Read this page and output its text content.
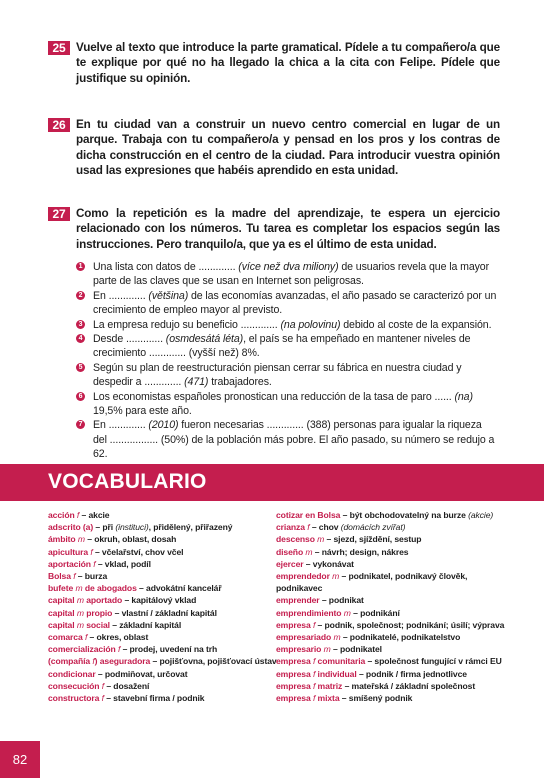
25 Vuelve al texto que introduce la parte gramatical. Pídele a tu compañero/a que te explique por qué no ha llegado la chica a la cita con Felipe. Pídele que justifique su opinión.
26 En tu ciudad van a construir un nuevo centro comercial en lugar de un parque. Trabaja con tu compañero/a y pensad en los pros y los contras de dicha construcción en el centro de la ciudad. Para introducir vuestra opinión usad las expresiones que habéis aprendido en esta unidad.
27 Como la repetición es la madre del aprendizaje, te espera un ejercicio relacionado con los números. Tu tarea es completar los espacios según las instrucciones. Pero tranquilo/a, que ya es el último de esta unidad.
1 Una lista con datos de ............. (více než dva miliony) de usuarios revela que la mayor parte de las claves que se usan en Internet son peligrosas.
2 En ............. (většina) de las economías avanzadas, el año pasado se caracterizó por un crecimiento de empleo mayor al previsto.
3 La empresa redujo su beneficio ............. (na polovinu) debido al coste de la expansión.
4 Desde ............. (osmdesátá léta), el país se ha empeñado en mantener niveles de crecimiento ............. (vyšší než) 8%.
5 Según su plan de reestructuración piensan cerrar su fábrica en nuestra ciudad y despedir a ............. (471) trabajadores.
6 Los economistas españoles pronostican una reducción de la tasa de paro ...... (na) 19,5% para este año.
7 En ............. (2010) fueron necesarias ............. (388) personas para igualar la riqueza del ................. (50%) de la población más pobre. El año pasado, su número se redujo a 62.
VOCABULARIO
acción f – akcie
adscrito (a) – při (instituci), přidělený, přiřazený
ámbito m – okruh, oblast, dosah
apicultura f – včelařství, chov včel
aportación f – vklad, podíl
Bolsa f – burza
bufete m de abogados – advokátní kancelář
capital m aportado – kapitálový vklad
capital m propio – vlastní / základní kapitál
capital m social – základní kapitál
comarca f – okres, oblast
comercialización f – prodej, uvedení na trh
(compañía f) aseguradora – pojišťovna, pojišťovací ústav
condicionar – podmiňovat, určovat
consecución f – dosažení
constructora f – stavební firma / podnik
cotizar en Bolsa – být obchodovatelný na burze (akcie)
crianza f – chov (domácích zvířat)
descenso m – sjezd, sjíždění, sestup
diseño m – návrh; design, nákres
ejercer – vykonávat
emprendedor m – podnikatel, podnikavý člověk,
podnikavec
emprender – podnikat
emprendimiento m – podnikání
empresa f – podnik, společnost; podnikání; úsilí; výprava
empresariado m – podnikatelé, podnikatelstvo
empresario m – podnikatel
empresa f comunitaria – společnost fungující v rámci EU
empresa f individual – podnik / firma jednotlivce
empresa f matriz – mateřská / základní společnost
empresa f mixta – smíšený podnik
82
